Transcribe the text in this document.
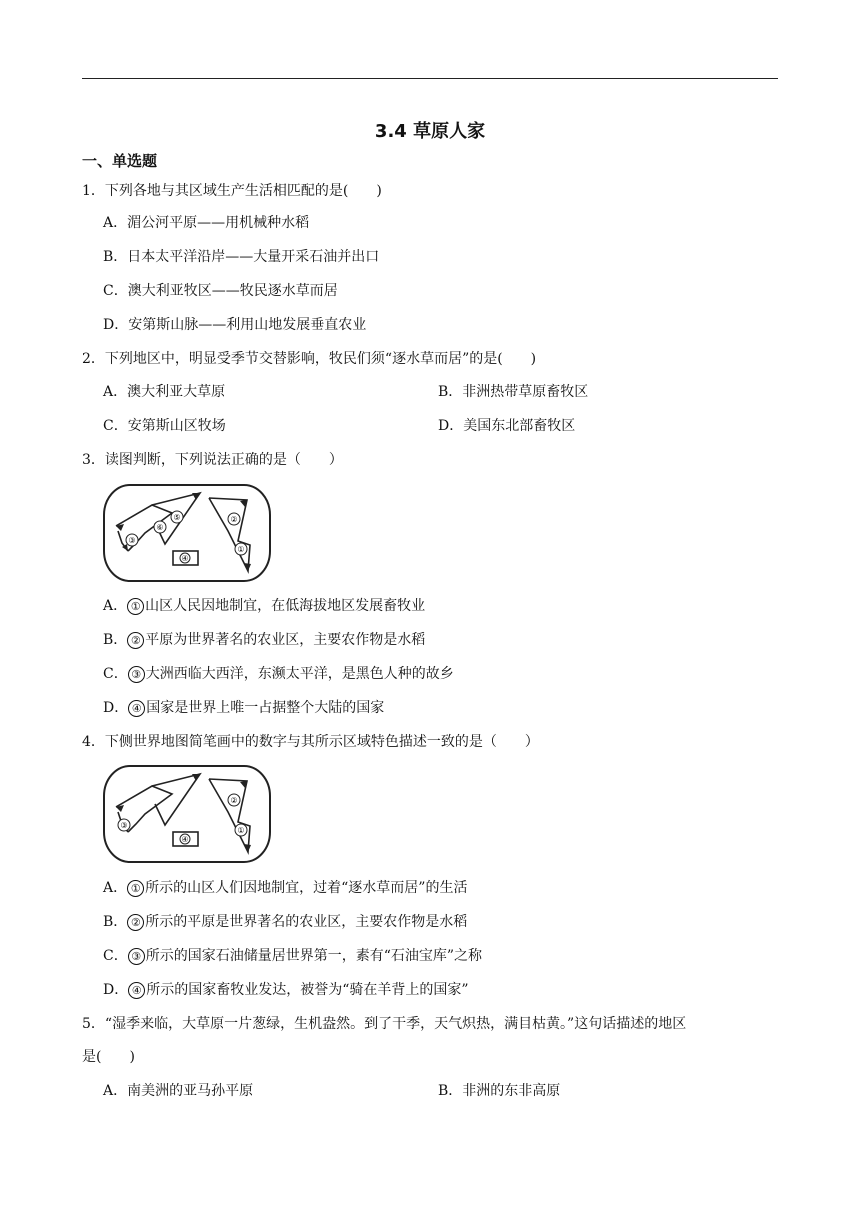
3.4 草原人家
一、单选题
1．下列各地与其区域生产生活相匹配的是(　　)
A．湄公河平原——用机械种水稻
B．日本太平洋沿岸——大量开采石油并出口
C．澳大利亚牧区——牧民逐水草而居
D．安第斯山脉——利用山地发展垂直农业
2．下列地区中，明显受季节交替影响，牧民们须“逐水草而居”的是(　　)
A．澳大利亚大草原	B．非洲热带草原畜牧区
C．安第斯山区牧场	D．美国东北部畜牧区
3．读图判断，下列说法正确的是（　　）
①
②
③
④
⑤
⑥
A． ① 山区人民因地制宜，在低海拔地区发展畜牧业
B． ② 平原为世界著名的农业区，主要农作物是水稻
C． ③ 大洲西临大西洋，东濒太平洋，是黑色人种的故乡
D． ④ 国家是世界上唯一占据整个大陆的国家
4．下侧世界地图简笔画中的数字与其所示区域特色描述一致的是（　　）
①
②
③
④
A． ① 所示的山区人们因地制宜，过着“逐水草而居”的生活
B． ② 所示的平原是世界著名的农业区，主要农作物是水稻
C． ③ 所示的国家石油储量居世界第一，素有“石油宝库”之称
D． ④ 所示的国家畜牧业发达，被誉为“骑在羊背上的国家”
5．“湿季来临，大草原一片葱绿，生机盎然。到了干季，天气炽热，满目枯黄。”这句话描述的地区
是(　　)
A．南美洲的亚马孙平原	B．非洲的东非高原
